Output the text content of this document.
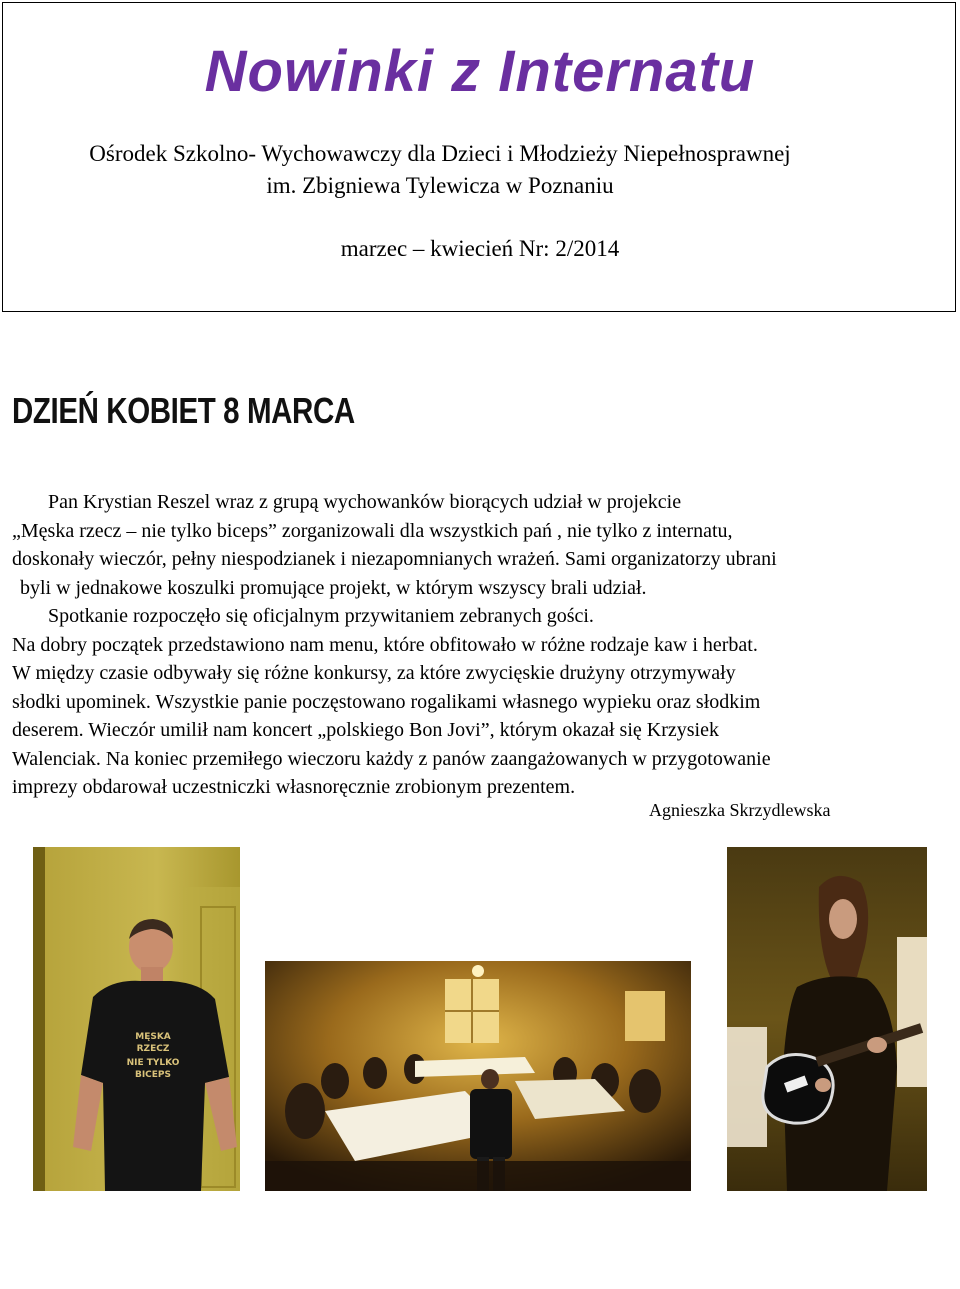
Nowinki z Internatu
Ośrodek Szkolno- Wychowawczy dla Dzieci i Młodzieży Niepełnosprawnej
im. Zbigniewa Tylewicza w Poznaniu
marzec – kwiecień Nr: 2/2014
DZIEŃ KOBIET 8 MARCA

Pan Krystian Reszel wraz z grupą wychowanków biorących udział w projekcie

„Męska rzecz – nie tylko biceps” zorganizowali dla wszystkich pań , nie tylko z internatu,

doskonały wieczór, pełny niespodzianek i niezapomnianych wrażeń. Sami organizatorzy ubrani

byli w jednakowe koszulki promujące projekt, w którym wszyscy brali udział.

Spotkanie rozpoczęło się oficjalnym przywitaniem zebranych gości.

Na dobry początek przedstawiono nam menu, które obfitowało w różne rodzaje kaw i herbat.

W między czasie odbywały się różne konkursy, za które zwycięskie drużyny otrzymywały

słodki upominek. Wszystkie panie poczęstowano rogalikami własnego wypieku oraz słodkim

deserem. Wieczór umilił nam koncert „polskiego Bon Jovi”, którym okazał się Krzysiek

Walenciak. Na koniec przemiłego wieczoru każdy z panów zaangażowanych w przygotowanie

imprezy obdarował uczestniczki własnoręcznie zrobionym prezentem.

Agnieszka Skrzydlewska
MĘSKA
RZECZ
NIE TYLKO
BICEPS
